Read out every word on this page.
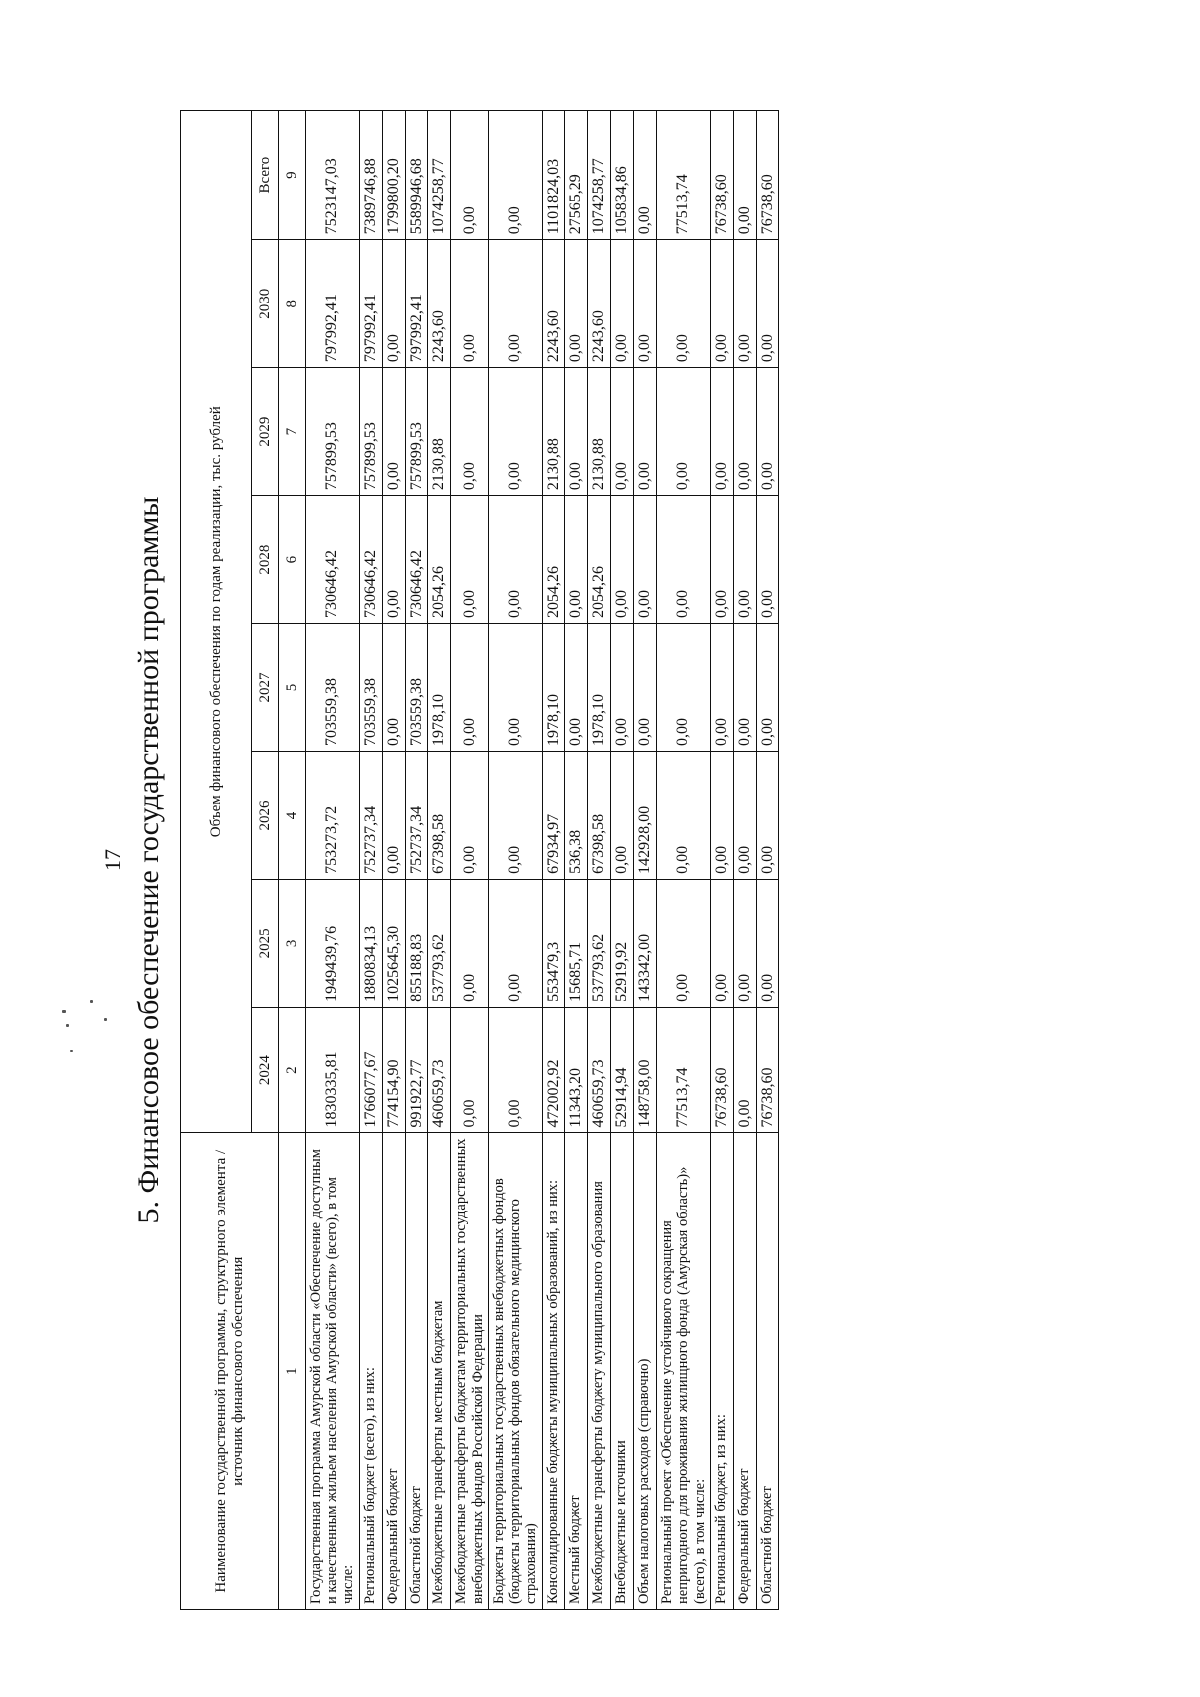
17 5. Финансовое обеспечение государственной программы
Наименование государственной программы, структурного элемента / источник финансового обеспечения	Объем финансового обеспечения по годам реализации, тыс. рублей							
	2024	2025	2026	2027	2028	2029	2030	Всего
1	2	3	4	5	6	7	8	9
Государственная программа Амурской области «Обеспечение доступным и качественным жильем населения Амурской области» (всего), в том числе:	1830335,81	1949439,76	753273,72	703559,38	730646,42	757899,53	797992,41	7523147,03
Региональный бюджет (всего), из них:	1766077,67	1880834,13	752737,34	703559,38	730646,42	757899,53	797992,41	7389746,88
Федеральный бюджет	774154,90	1025645,30	0,00	0,00	0,00	0,00	0,00	1799800,20
Областной бюджет	991922,77	855188,83	752737,34	703559,38	730646,42	757899,53	797992,41	5589946,68
Межбюджетные трансферты местным бюджетам	460659,73	537793,62	67398,58	1978,10	2054,26	2130,88	2243,60	1074258,77
Межбюджетные трансферты бюджетам территориальных государственных внебюджетных фондов Российской Федерации	0,00	0,00	0,00	0,00	0,00	0,00	0,00	0,00
Бюджеты территориальных государственных внебюджетных фондов (бюджеты территориальных фондов обязательного медицинского страхования)	0,00	0,00	0,00	0,00	0,00	0,00	0,00	0,00
Консолидированные бюджеты муниципальных образований, из них:	472002,92	553479,3	67934,97	1978,10	2054,26	2130,88	2243,60	1101824,03
Местный бюджет	11343,20	15685,71	536,38	0,00	0,00	0,00	0,00	27565,29
Межбюджетные трансферты бюджету муниципального образования	460659,73	537793,62	67398,58	1978,10	2054,26	2130,88	2243,60	1074258,77
Внебюджетные источники	52914,94	52919,92	0,00	0,00	0,00	0,00	0,00	105834,86
Объем налоговых расходов (справочно)	148758,00	143342,00	142928,00	0,00	0,00	0,00	0,00	0,00
Региональный проект «Обеспечение устойчивого сокращения непригодного для проживания жилищного фонда (Амурская область)» (всего), в том числе:	77513,74	0,00	0,00	0,00	0,00	0,00	0,00	77513,74
Региональный бюджет, из них:	76738,60	0,00	0,00	0,00	0,00	0,00	0,00	76738,60
Федеральный бюджет	0,00	0,00	0,00	0,00	0,00	0,00	0,00	0,00
Областной бюджет	76738,60	0,00	0,00	0,00	0,00	0,00	0,00	76738,60
